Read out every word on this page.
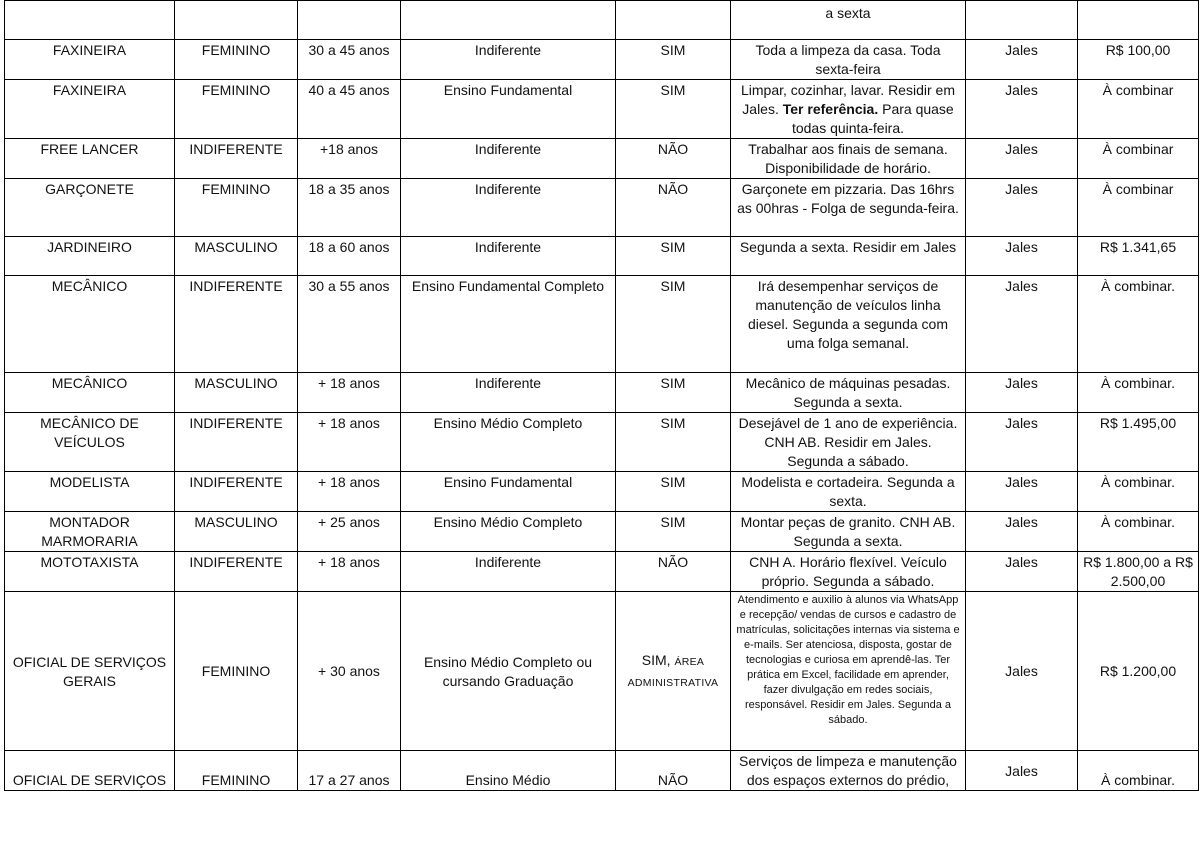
					a sexta		
FAXINEIRA	FEMININO	30 a 45 anos	Indiferente	SIM	Toda a limpeza da casa. Toda sexta-feira	Jales	R$ 100,00
FAXINEIRA	FEMININO	40 a 45 anos	Ensino Fundamental	SIM	Limpar, cozinhar, lavar. Residir em Jales. Ter referência. Para quase todas quinta-feira.	Jales	À combinar
FREE LANCER	INDIFERENTE	+18 anos	Indiferente	NÃO	Trabalhar aos finais de semana. Disponibilidade de horário.	Jales	À combinar
GARÇONETE	FEMININO	18 a 35 anos	Indiferente	NÃO	Garçonete em pizzaria. Das 16hrs as 00hras - Folga de segunda-feira.	Jales	À combinar
JARDINEIRO	MASCULINO	18 a 60 anos	Indiferente	SIM	Segunda a sexta. Residir em Jales	Jales	R$ 1.341,65
MECÂNICO	INDIFERENTE	30 a 55 anos	Ensino Fundamental Completo	SIM	Irá desempenhar serviços de manutenção de veículos linha diesel. Segunda a segunda com uma folga semanal.	Jales	À combinar.
MECÂNICO	MASCULINO	+ 18 anos	Indiferente	SIM	Mecânico de máquinas pesadas. Segunda a sexta.	Jales	À combinar.
MECÂNICO DE VEÍCULOS	INDIFERENTE	+ 18 anos	Ensino Médio Completo	SIM	Desejável de 1 ano de experiência. CNH AB. Residir em Jales. Segunda a sábado.	Jales	R$ 1.495,00
MODELISTA	INDIFERENTE	+ 18 anos	Ensino Fundamental	SIM	Modelista e cortadeira. Segunda a sexta.	Jales	À combinar.
MONTADOR MARMORARIA	MASCULINO	+ 25 anos	Ensino Médio Completo	SIM	Montar peças de granito. CNH AB. Segunda a sexta.	Jales	À combinar.
MOTOTAXISTA	INDIFERENTE	+ 18 anos	Indiferente	NÃO	CNH A. Horário flexível. Veículo próprio. Segunda a sábado.	Jales	R$ 1.800,00 a R$ 2.500,00
OFICIAL DE SERVIÇOS GERAIS	FEMININO	+ 30 anos	Ensino Médio Completo ou cursando Graduação	SIM, ÁREA ADMINISTRATIVA	Atendimento e auxilio à alunos via WhatsApp e recepção/ vendas de cursos e cadastro de matrículas, solicitações internas via sistema e e-mails. Ser atenciosa, disposta, gostar de tecnologias e curiosa em aprendê-las. Ter prática em Excel, facilidade em aprender, fazer divulgação em redes sociais, responsável. Residir em Jales. Segunda a sábado.	Jales	R$ 1.200,00
OFICIAL DE SERVIÇOS	FEMININO	17 a 27 anos	Ensino Médio	NÃO	Serviços de limpeza e manutenção dos espaços externos do prédio,	Jales	À combinar.
